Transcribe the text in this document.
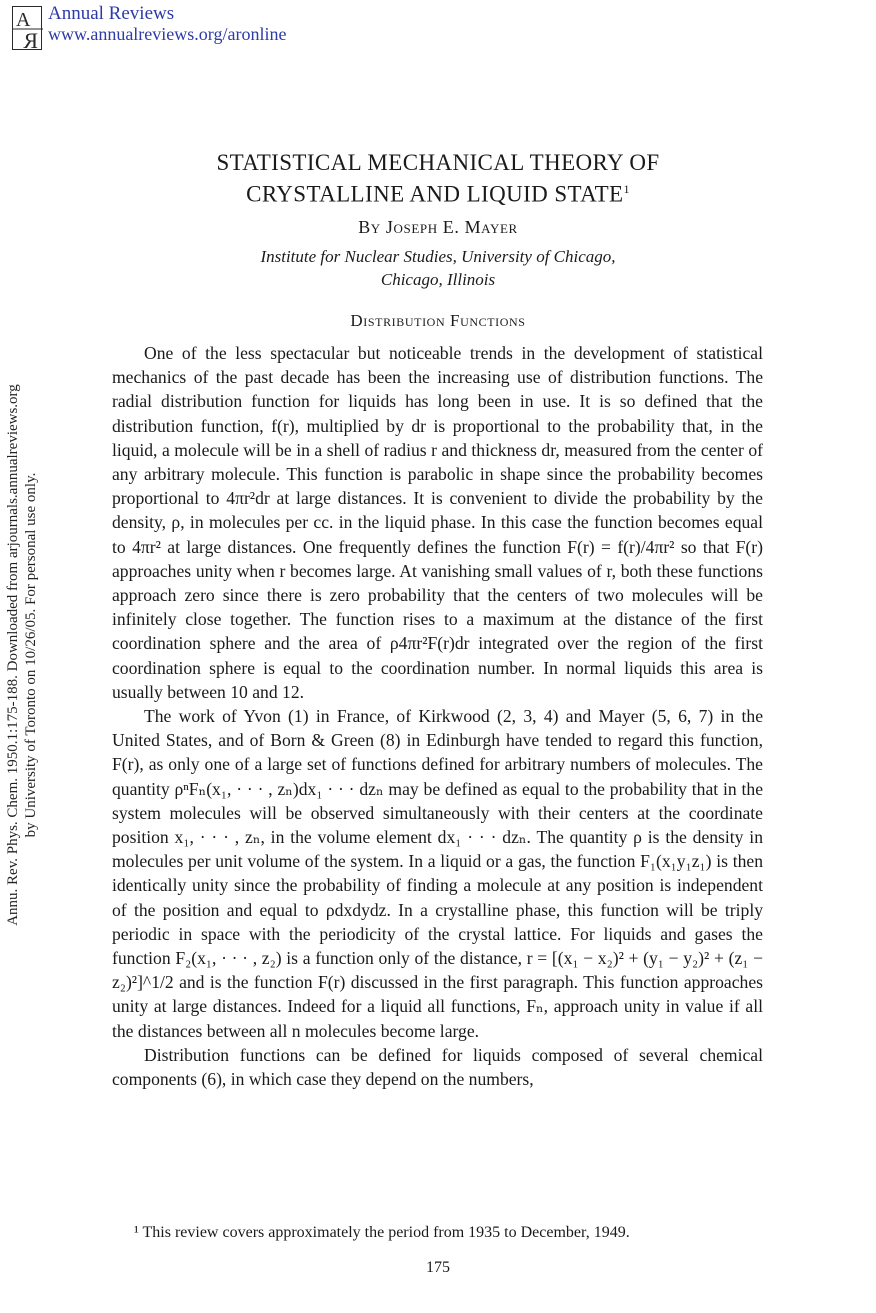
A
R
Annual Reviews
www.annualreviews.org/aronline
Annu. Rev. Phys. Chem. 1950.1:175-188. Downloaded from arjournals.annualreviews.org by University of Toronto on 10/26/05. For personal use only.
STATISTICAL MECHANICAL THEORY OF
CRYSTALLINE AND LIQUID STATE$^1$
By Joseph E. Mayer
Institute for Nuclear Studies, University of Chicago,
Chicago, Illinois
Distribution Functions

One of the less spectacular but noticeable trends in the development of statistical mechanics of the past decade has been the increasing use of distribution functions. The radial distribution function for liquids has long been in use. It is so defined that the distribution function, f(r), multiplied by dr is proportional to the probability that, in the liquid, a molecule will be in a shell of radius r and thickness dr, measured from the center of any arbitrary molecule. This function is parabolic in shape since the probability becomes proportional to 4πr²dr at large distances. It is convenient to divide the probability by the density, ρ, in molecules per cc. in the liquid phase. In this case the function becomes equal to 4πr² at large distances. One frequently defines the function F(r) = f(r)/4πr² so that F(r) approaches unity when r becomes large. At vanishing small values of r, both these functions approach zero since there is zero probability that the centers of two molecules will be infinitely close together. The function rises to a maximum at the distance of the first coordination sphere and the area of ρ4πr²F(r)dr integrated over the region of the first coordination sphere is equal to the coordination number. In normal liquids this area is usually between 10 and 12.

The work of Yvon (1) in France, of Kirkwood (2, 3, 4) and Mayer (5, 6, 7) in the United States, and of Born & Green (8) in Edinburgh have tended to regard this function, F(r), as only one of a large set of functions defined for arbitrary numbers of molecules. The quantity ρⁿFₙ(x₁, · · · , zₙ)dx₁ · · · dzₙ may be defined as equal to the probability that in the system molecules will be observed simultaneously with their centers at the coordinate position x₁, · · · , zₙ, in the volume element dx₁ · · · dzₙ. The quantity ρ is the density in molecules per unit volume of the system. In a liquid or a gas, the function F₁(x₁y₁z₁) is then identically unity since the probability of finding a molecule at any position is independent of the position and equal to ρdxdydz. In a crystalline phase, this function will be triply periodic in space with the periodicity of the crystal lattice. For liquids and gases the function F₂(x₁, · · · , z₂) is a function only of the distance, r = [(x₁ − x₂)² + (y₁ − y₂)² + (z₁ − z₂)²]^1/2 and is the function F(r) discussed in the first paragraph. This function approaches unity at large distances. Indeed for a liquid all functions, Fₙ, approach unity in value if all the distances between all n molecules become large.

Distribution functions can be defined for liquids composed of several chemical components (6), in which case they depend on the numbers,

¹ This review covers approximately the period from 1935 to December, 1949.
175
